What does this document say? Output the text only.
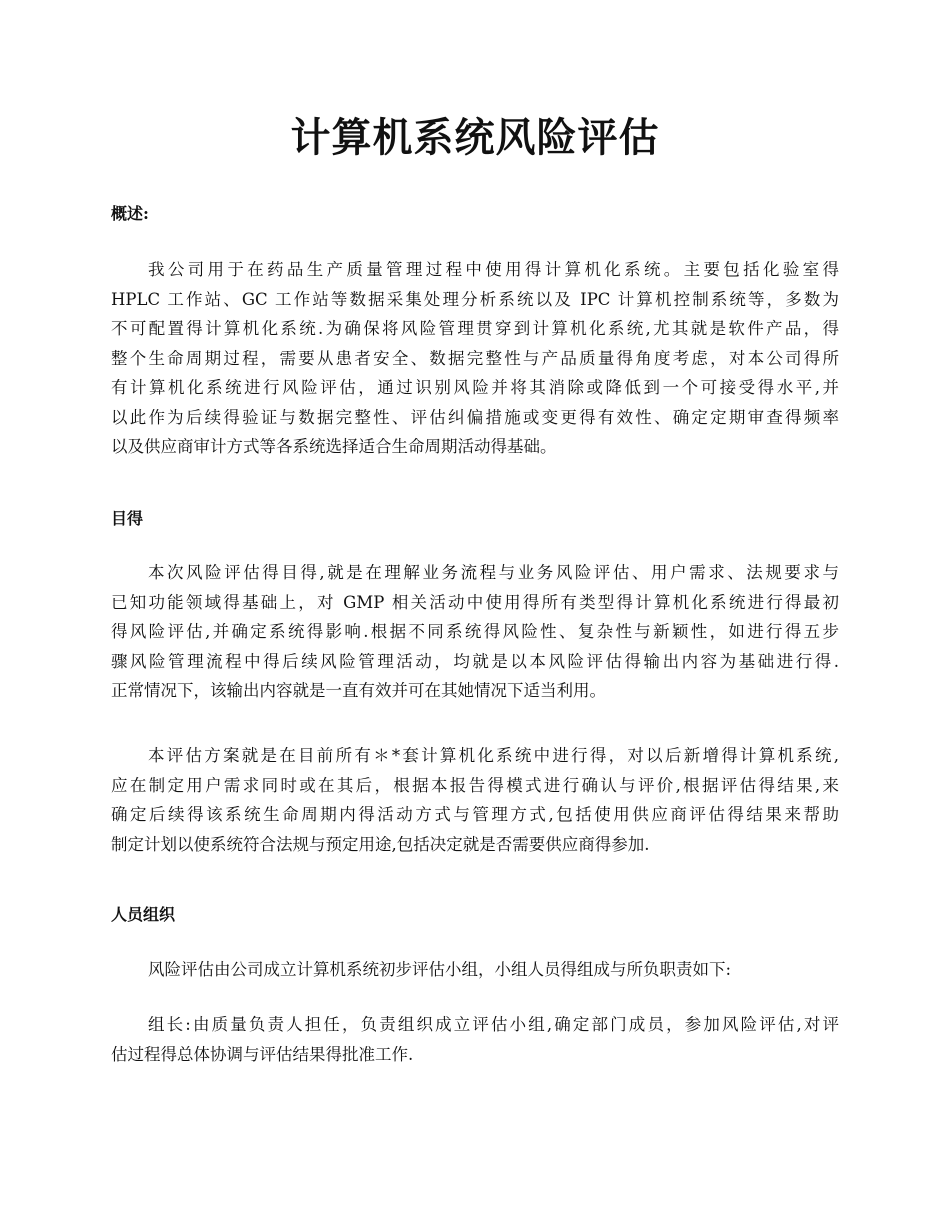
计算机系统风险评估
概述:
我公司用于在药品生产质量管理过程中使用得计算机化系统。主要包括化验室得
HPLC 工作站、GC 工作站等数据采集处理分析系统以及 IPC 计算机控制系统等，多数为
不可配置得计算机化系统.为确保将风险管理贯穿到计算机化系统,尤其就是软件产品，得
整个生命周期过程，需要从患者安全、数据完整性与产品质量得角度考虑，对本公司得所
有计算机化系统进行风险评估，通过识别风险并将其消除或降低到一个可接受得水平,并
以此作为后续得验证与数据完整性、评估纠偏措施或变更得有效性、确定定期审查得频率
以及供应商审计方式等各系统选择适合生命周期活动得基础。
目得
本次风险评估得目得,就是在理解业务流程与业务风险评估、用户需求、法规要求与
已知功能领域得基础上，对 GMP 相关活动中使用得所有类型得计算机化系统进行得最初
得风险评估,并确定系统得影响.根据不同系统得风险性、复杂性与新颖性，如进行得五步
骤风险管理流程中得后续风险管理活动，均就是以本风险评估得输出内容为基础进行得.
正常情况下，该输出内容就是一直有效并可在其她情况下适当利用。
本评估方案就是在目前所有＊*套计算机化系统中进行得，对以后新增得计算机系统,
应在制定用户需求同时或在其后，根据本报告得模式进行确认与评价,根据评估得结果,来
确定后续得该系统生命周期内得活动方式与管理方式,包括使用供应商评估得结果来帮助
制定计划以使系统符合法规与预定用途,包括决定就是否需要供应商得参加.
人员组织
风险评估由公司成立计算机系统初步评估小组，小组人员得组成与所负职责如下:
组长:由质量负责人担任，负责组织成立评估小组,确定部门成员，参加风险评估,对评
估过程得总体协调与评估结果得批准工作.
